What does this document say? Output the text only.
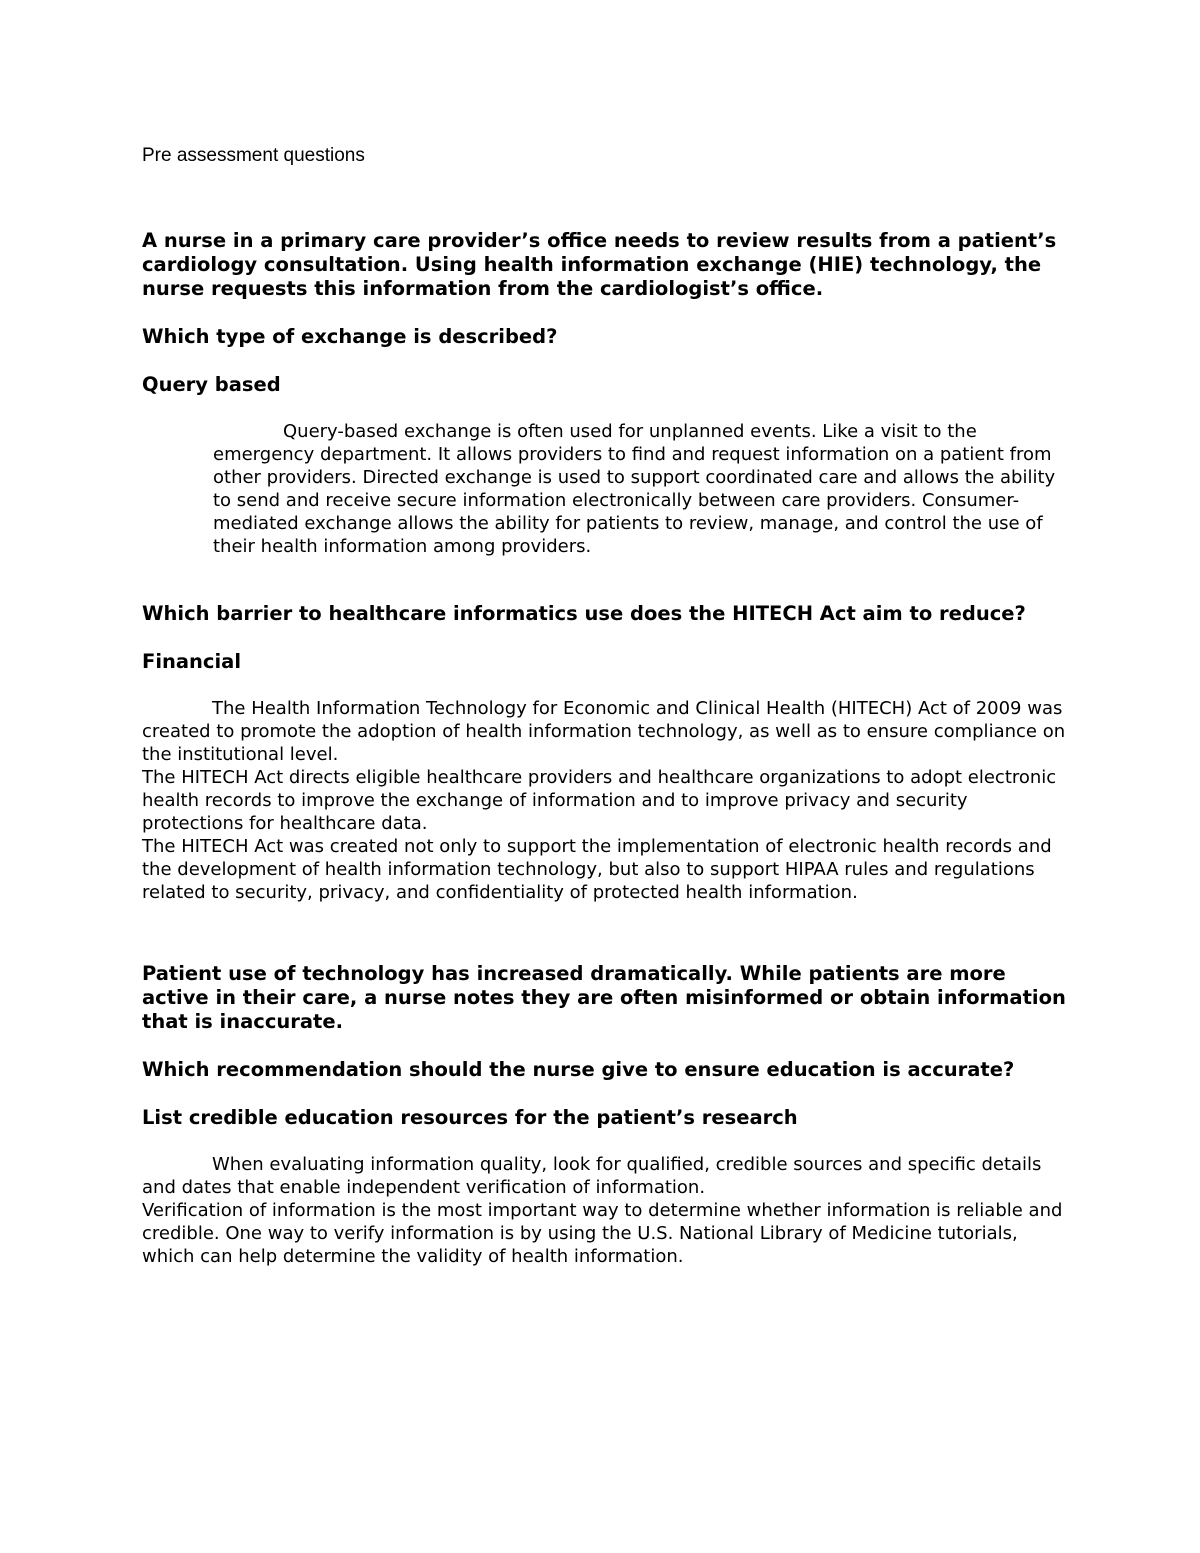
Pre assessment questions

A nurse in a primary care provider’s office needs to review results from a patient’s cardiology consultation. Using health information exchange (HIE) technology, the nurse requests this information from the cardiologist’s office.

Which type of exchange is described?

Query based

Query-based exchange is often used for unplanned events. Like a visit to the emergency department. It allows providers to find and request information on a patient from other providers. Directed exchange is used to support coordinated care and allows the ability to send and receive secure information electronically between care providers. Consumer-mediated exchange allows the ability for patients to review, manage, and control the use of their health information among providers.

Which barrier to healthcare informatics use does the HITECH Act aim to reduce?

Financial

The Health Information Technology for Economic and Clinical Health (HITECH) Act of 2009 was created to promote the adoption of health information technology, as well as to ensure compliance on the institutional level.

The HITECH Act directs eligible healthcare providers and healthcare organizations to adopt electronic health records to improve the exchange of information and to improve privacy and security protections for healthcare data.

The HITECH Act was created not only to support the implementation of electronic health records and the development of health information technology, but also to support HIPAA rules and regulations related to security, privacy, and confidentiality of protected health information.

Patient use of technology has increased dramatically. While patients are more active in their care, a nurse notes they are often misinformed or obtain information that is inaccurate.

Which recommendation should the nurse give to ensure education is accurate?

List credible education resources for the patient’s research

When evaluating information quality, look for qualified, credible sources and specific details and dates that enable independent verification of information.

Verification of information is the most important way to determine whether information is reliable and credible. One way to verify information is by using the U.S. National Library of Medicine tutorials, which can help determine the validity of health information.
